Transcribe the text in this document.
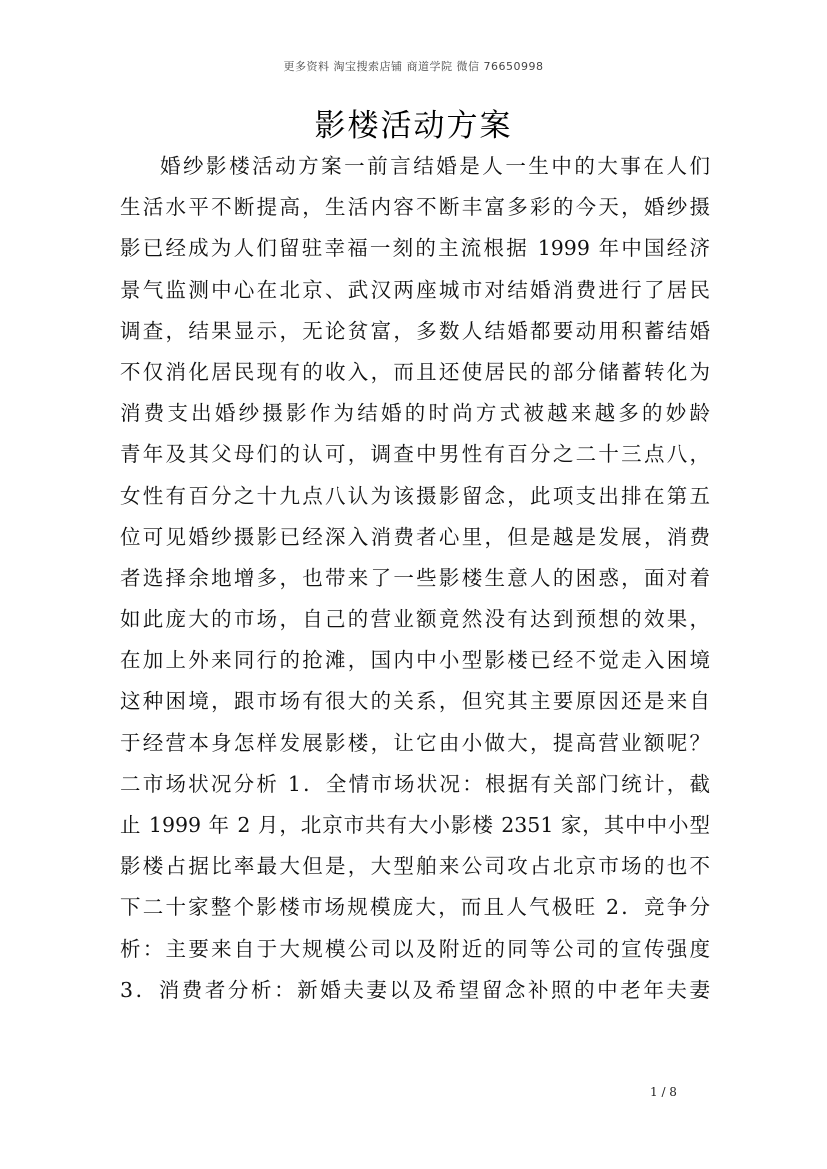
更多资料 淘宝搜索店铺 商道学院 微信 76650998
影楼活动方案
婚纱影楼活动方案一前言结婚是人一生中的大事在人们
生活水平不断提高，生活内容不断丰富多彩的今天，婚纱摄
影已经成为人们留驻幸福一刻的主流根据 1999 年中国经济
景气监测中心在北京、武汉两座城市对结婚消费进行了居民
调查，结果显示，无论贫富，多数人结婚都要动用积蓄结婚
不仅消化居民现有的收入，而且还使居民的部分储蓄转化为
消费支出婚纱摄影作为结婚的时尚方式被越来越多的妙龄
青年及其父母们的认可，调查中男性有百分之二十三点八，
女性有百分之十九点八认为该摄影留念，此项支出排在第五
位可见婚纱摄影已经深入消费者心里，但是越是发展，消费
者选择余地增多，也带来了一些影楼生意人的困惑，面对着
如此庞大的市场，自己的营业额竟然没有达到预想的效果，
在加上外来同行的抢滩，国内中小型影楼已经不觉走入困境
这种困境，跟市场有很大的关系，但究其主要原因还是来自
于经营本身怎样发展影楼，让它由小做大，提高营业额呢？
二市场状况分析 1．全情市场状况：根据有关部门统计，截
止 1999 年 2 月，北京市共有大小影楼 2351 家，其中中小型
影楼占据比率最大但是，大型舶来公司攻占北京市场的也不
下二十家整个影楼市场规模庞大，而且人气极旺 2．竞争分
析：主要来自于大规模公司以及附近的同等公司的宣传强度
3．消费者分析：新婚夫妻以及希望留念补照的中老年夫妻
1 / 8
